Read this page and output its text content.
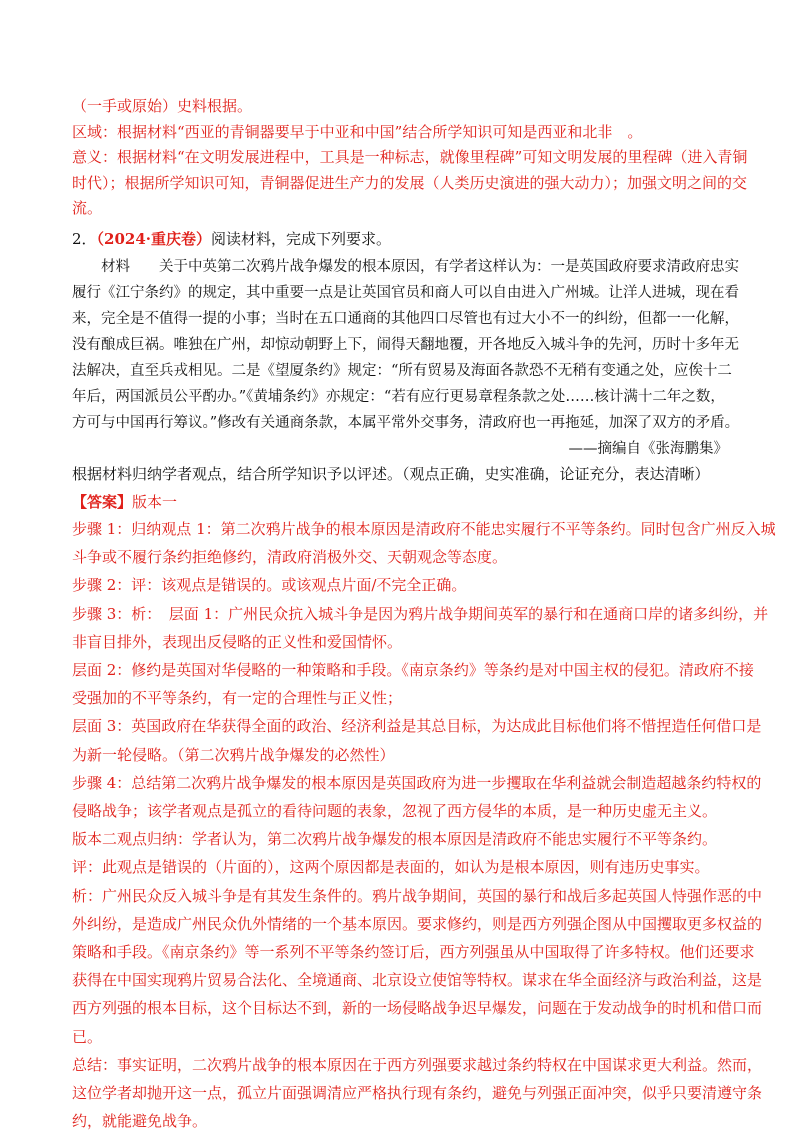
（一手或原始）史料根据。
区域：根据材料“西亚的青铜器要早于中亚和中国”结合所学知识可知是西亚和北非　。
意义：根据材料“在文明发展进程中，工具是一种标志，就像里程碑”可知文明发展的里程碑（进入青铜
时代）；根据所学知识可知，青铜器促进生产力的发展（人类历史演进的强大动力）；加强文明之间的交
流。
2．（2024·重庆卷）阅读材料，完成下列要求。
材料　　关于中英第二次鸦片战争爆发的根本原因，有学者这样认为：一是英国政府要求清政府忠实
履行《江宁条约》的规定，其中重要一点是让英国官员和商人可以自由进入广州城。让洋人进城，现在看
来，完全是不值得一提的小事；当时在五口通商的其他四口尽管也有过大小不一的纠纷，但都一一化解，
没有酿成巨祸。唯独在广州，却惊动朝野上下，闹得天翻地覆，开各地反入城斗争的先河，历时十多年无
法解决，直至兵戎相见。二是《望厦条约》规定：“所有贸易及海面各款恐不无稍有变通之处，应俟十二
年后，两国派员公平酌办。”《黄埔条约》亦规定：“若有应行更易章程条款之处……核计满十二年之数，
方可与中国再行筹议。”修改有关通商条款，本属平常外交事务，清政府也一再拖延，加深了双方的矛盾。
——摘编自《张海鹏集》
根据材料归纳学者观点，结合所学知识予以评述。（观点正确，史实准确，论证充分，表达清晰）
【答案】版本一
步骤 1：归纳观点 1：第二次鸦片战争的根本原因是清政府不能忠实履行不平等条约。同时包含广州反入城
斗争或不履行条约拒绝修约，清政府消极外交、天朝观念等态度。
步骤 2：评：该观点是错误的。或该观点片面/不完全正确。
步骤 3：析：　层面 1：广州民众抗入城斗争是因为鸦片战争期间英军的暴行和在通商口岸的诸多纠纷，并
非盲目排外，表现出反侵略的正义性和爱国情怀。
层面 2：修约是英国对华侵略的一种策略和手段。《南京条约》等条约是对中国主权的侵犯。清政府不接
受强加的不平等条约，有一定的合理性与正义性；
层面 3：英国政府在华获得全面的政治、经济利益是其总目标，为达成此目标他们将不惜捏造任何借口是
为新一轮侵略。（第二次鸦片战争爆发的必然性）
步骤 4：总结第二次鸦片战争爆发的根本原因是英国政府为进一步攫取在华利益就会制造超越条约特权的
侵略战争；该学者观点是孤立的看待问题的表象，忽视了西方侵华的本质，是一种历史虚无主义。
版本二观点归纳：学者认为，第二次鸦片战争爆发的根本原因是清政府不能忠实履行不平等条约。
评：此观点是错误的（片面的），这两个原因都是表面的，如认为是根本原因，则有违历史事实。
析：广州民众反入城斗争是有其发生条件的。鸦片战争期间，英国的暴行和战后多起英国人恃强作恶的中
外纠纷，是造成广州民众仇外情绪的一个基本原因。要求修约，则是西方列强企图从中国攫取更多权益的
策略和手段。《南京条约》等一系列不平等条约签订后，西方列强虽从中国取得了许多特权。他们还要求
获得在中国实现鸦片贸易合法化、全境通商、北京设立使馆等特权。谋求在华全面经济与政治利益，这是
西方列强的根本目标，这个目标达不到，新的一场侵略战争迟早爆发，问题在于发动战争的时机和借口而
已。
总结：事实证明，二次鸦片战争的根本原因在于西方列强要求越过条约特权在中国谋求更大利益。然而，
这位学者却抛开这一点，孤立片面强调清应严格执行现有条约，避免与列强正面冲突，似乎只要清遵守条
约，就能避免战争。
